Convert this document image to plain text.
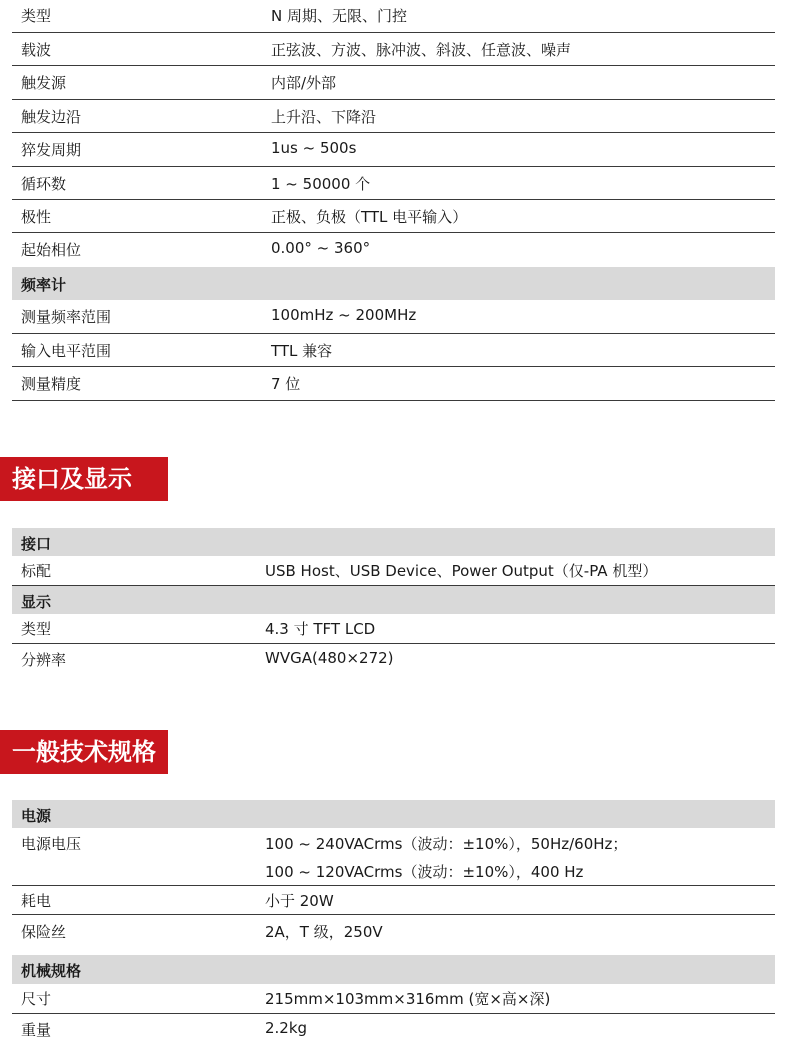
类型	N 周期、无限、门控
载波	正弦波、方波、脉冲波、斜波、任意波、噪声
触发源	内部/外部
触发边沿	上升沿、下降沿
猝发周期	1us ~ 500s
循环数	1 ~ 50000 个
极性	正极、负极（TTL 电平输入）
起始相位	0.00° ~ 360°
频率计
测量频率范围	100mHz ~ 200MHz
输入电平范围	TTL 兼容
测量精度	7 位
接口及显示
接口
标配	USB Host、USB Device、Power Output（仅-PA 机型）
显示
类型	4.3 寸 TFT LCD
分辨率	WVGA(480×272)
一般技术规格
电源
电源电压	100 ~ 240VACrms（波动：±10%），50Hz/60Hz；
100 ~ 120VACrms（波动：±10%），400 Hz
耗电	小于 20W
保险丝	2A，T 级，250V
机械规格
尺寸	215mm×103mm×316mm (宽×高×深)
重量	2.2kg
